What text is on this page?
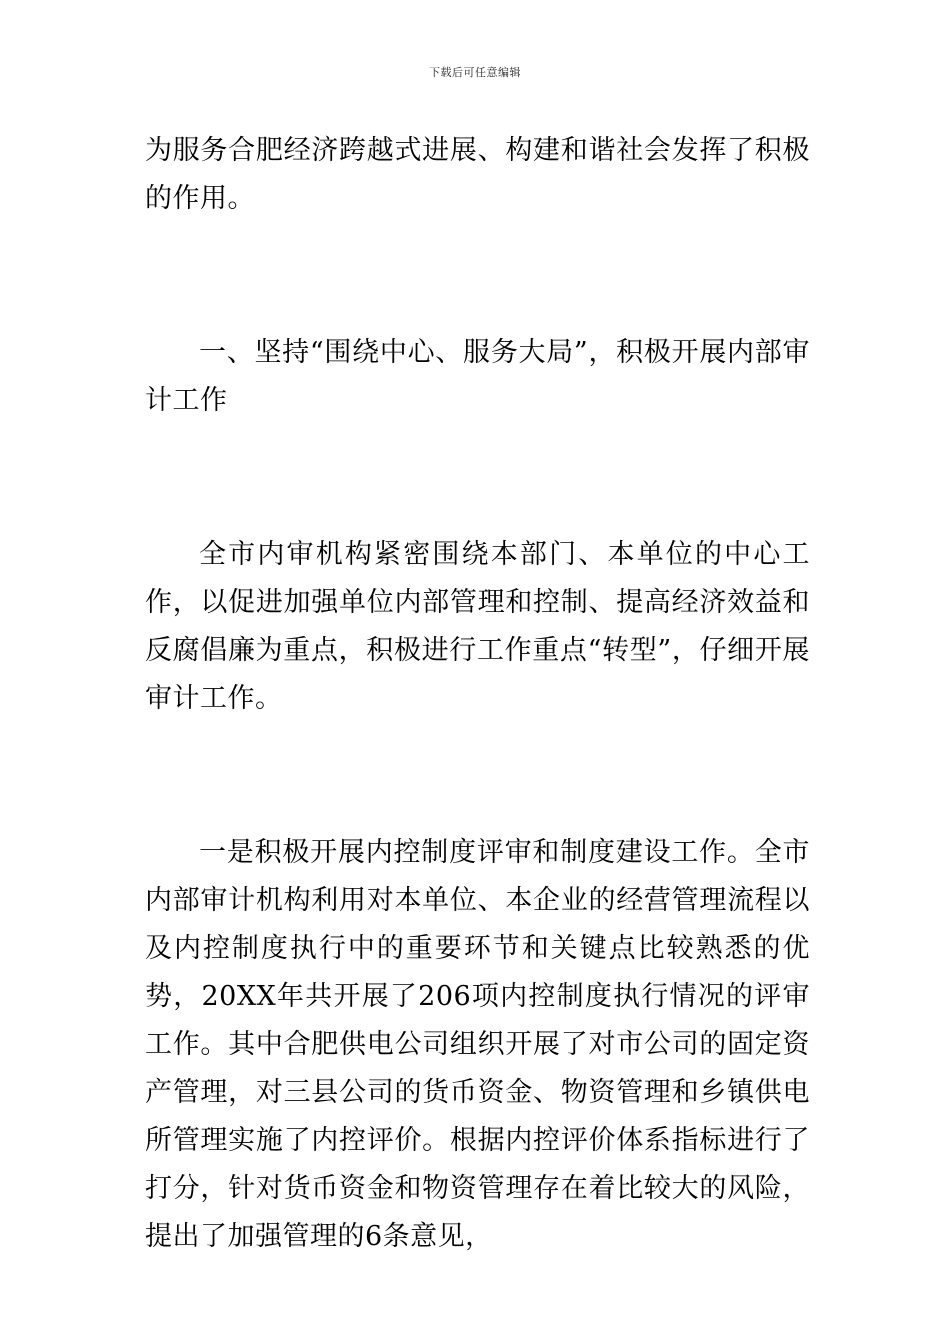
下载后可任意编辑

为服务合肥经济跨越式进展、构建和谐社会发挥了积极的作用。

一、坚持“围绕中心、服务大局”，积极开展内部审计工作

全市内审机构紧密围绕本部门、本单位的中心工作，以促进加强单位内部管理和控制、提高经济效益和反腐倡廉为重点，积极进行工作重点“转型”，仔细开展审计工作。

一是积极开展内控制度评审和制度建设工作。全市内部审计机构利用对本单位、本企业的经营管理流程以及内控制度执行中的重要环节和关键点比较熟悉的优势，20XX年共开展了206项内控制度执行情况的评审工作。其中合肥供电公司组织开展了对市公司的固定资产管理，对三县公司的货币资金、物资管理和乡镇供电所管理实施了内控评价。根据内控评价体系指标进行了打分，针对货币资金和物资管理存在着比较大的风险，提出了加强管理的6条意见，
